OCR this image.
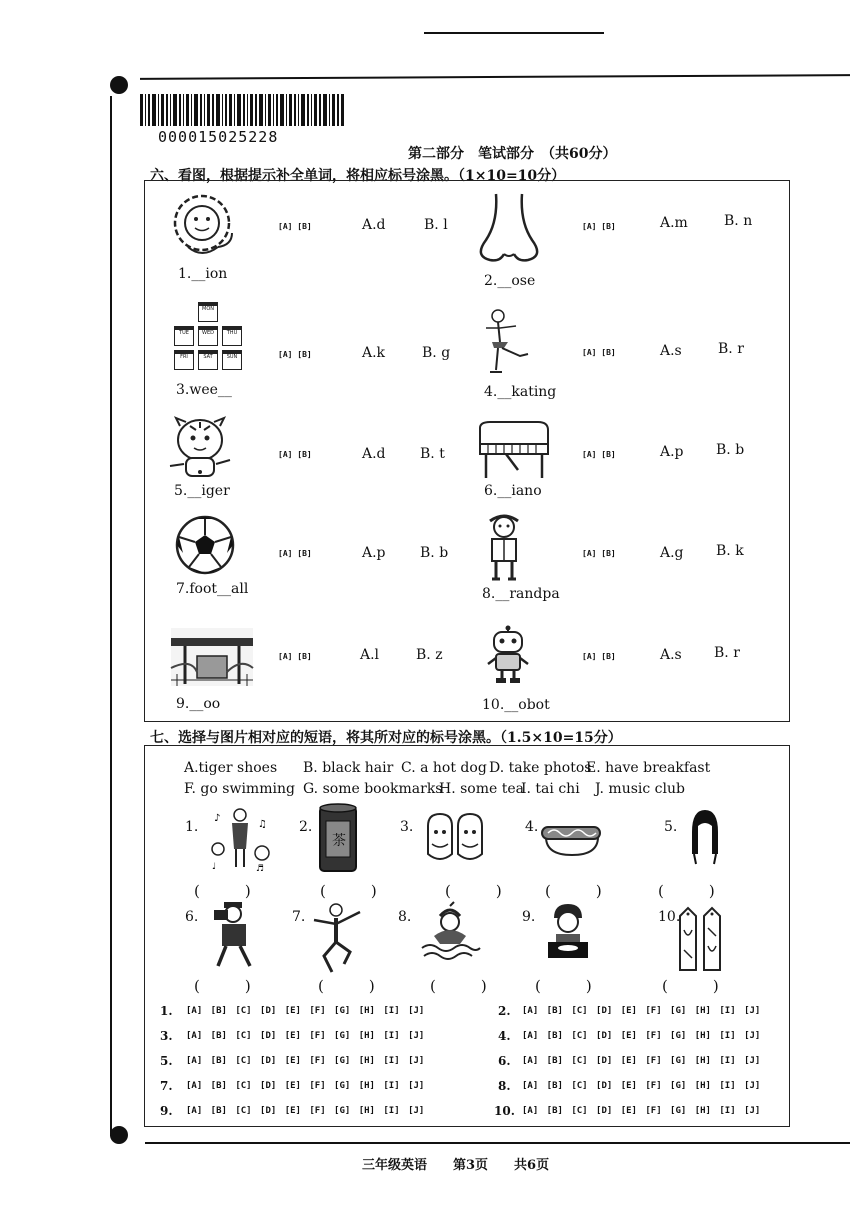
000015025228
第二部分　笔试部分　（共60分）
六、看图，根据提示补全单词，将相应标号涂黑。（1×10=10分）
1.__ion
[A] [B]	A.d	B. l
2.__ose
[A] [B]	A.m	B. n
MON
TUE	WED	THU
FRI	SAT	SUN
3.wee__
[A] [B]	A.k	B. g
4.__kating
[A] [B]	A.s	B. r
5.__iger
[A] [B]	A.d B. t
6.__iano
[A] [B]	A.p B. b
7.foot__all
[A] [B]	A.p B. b
8.__randpa
[A] [B]	A.g B. k
9.__oo
[A] [B]	A.l	B. z
10.__obot
[A] [B]	A.s B. r
七、选择与图片相对应的短语，将其所对应的标号涂黑。（1.5×10=15分）
A.tiger shoes B. black hair C. a hot dog D. take photos
E. have breakfast
F. go swimming G. some bookmarks
H. some tea
I. tai chi J. music club
1.
♪
♫
♩	♬
2.
茶
3.	4.	5.
(　　　)	(　　　)	(　　　)	(　　　)	(　　　)
6.	7.	8.	9.	10.
(　　　)	(　　　)	(　　　)	(　　　)	(　　　)
1. [A] [B] [C] [D] [E] [F] [G] [H] [I] [J]	2. [A] [B] [C] [D] [E] [F] [G] [H] [I] [J]
3. [A] [B] [C] [D] [E] [F] [G] [H] [I] [J]	4. [A] [B] [C] [D] [E] [F] [G] [H] [I] [J]
5. [A] [B] [C] [D] [E] [F] [G] [H] [I] [J]	6. [A] [B] [C] [D] [E] [F] [G] [H] [I] [J]
7. [A] [B] [C] [D] [E] [F] [G] [H] [I] [J]	8. [A] [B] [C] [D] [E] [F] [G] [H] [I] [J]
9. [A] [B] [C] [D] [E] [F] [G] [H] [I] [J]	10. [A] [B] [C] [D] [E] [F] [G] [H] [I] [J]
三年级英语　　第3页　　共6页
